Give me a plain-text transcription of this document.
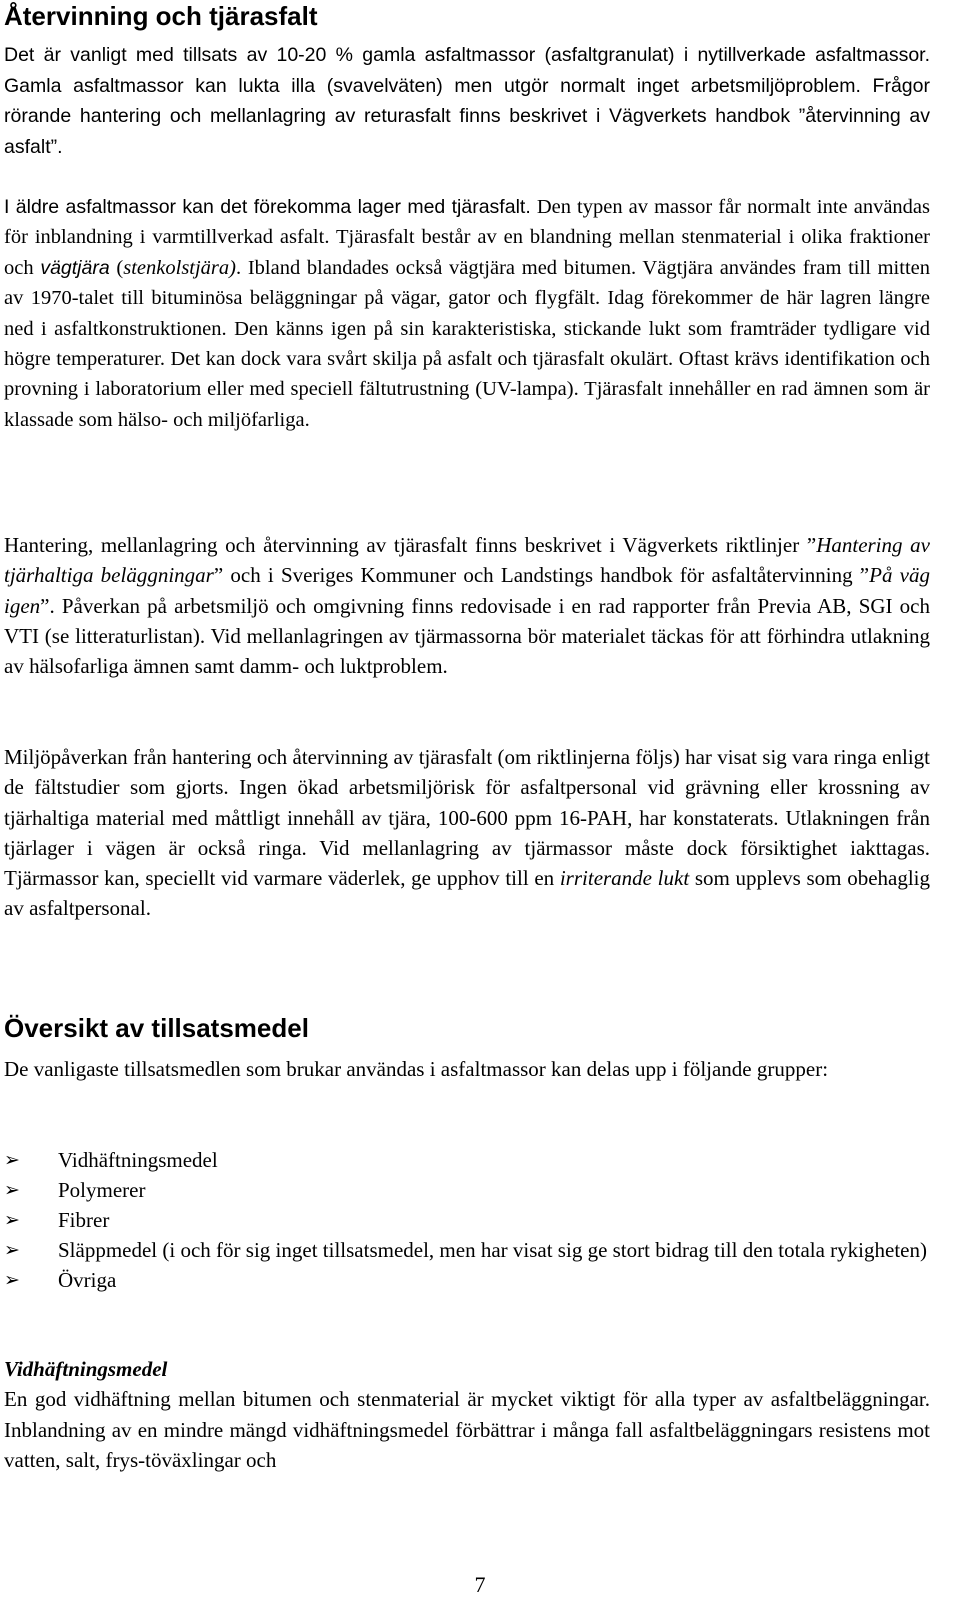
Återvinning och tjärasfalt

Det är vanligt med tillsats av 10-20 % gamla asfaltmassor (asfaltgranulat) i nytillverkade asfaltmassor. Gamla asfaltmassor kan lukta illa (svavelväten) men utgör normalt inget arbetsmiljöproblem. Frågor rörande hantering och mellanlagring av returasfalt finns beskrivet i Vägverkets handbok ”återvinning av asfalt”.

I äldre asfaltmassor kan det förekomma lager med tjärasfalt. Den typen av massor får normalt inte användas för inblandning i varmtillverkad asfalt. Tjärasfalt består av en blandning mellan stenmaterial i olika fraktioner och vägtjära (stenkolstjära). Ibland blandades också vägtjära med bitumen. Vägtjära användes fram till mitten av 1970-talet till bituminösa beläggningar på vägar, gator och flygfält. Idag förekommer de här lagren längre ned i asfaltkonstruktionen. Den känns igen på sin karakteristiska, stickande lukt som framträder tydligare vid högre temperaturer. Det kan dock vara svårt skilja på asfalt och tjärasfalt okulärt. Oftast krävs identifikation och provning i laboratorium eller med speciell fältutrustning (UV-lampa). Tjärasfalt innehåller en rad ämnen som är klassade som hälso- och miljöfarliga.

Hantering, mellanlagring och återvinning av tjärasfalt finns beskrivet i Vägverkets riktlinjer ”Hantering av tjärhaltiga beläggningar” och i Sveriges Kommuner och Landstings handbok för asfaltåtervinning ”På väg igen”. Påverkan på arbetsmiljö och omgivning finns redovisade i en rad rapporter från Previa AB, SGI och VTI (se litteraturlistan). Vid mellanlagringen av tjärmassorna bör materialet täckas för att förhindra utlakning av hälsofarliga ämnen samt damm- och luktproblem.

Miljöpåverkan från hantering och återvinning av tjärasfalt (om riktlinjerna följs) har visat sig vara ringa enligt de fältstudier som gjorts. Ingen ökad arbetsmiljörisk för asfaltpersonal vid grävning eller krossning av tjärhaltiga material med måttligt innehåll av tjära, 100-600 ppm 16-PAH, har konstaterats. Utlakningen från tjärlager i vägen är också ringa. Vid mellanlagring av tjärmassor måste dock försiktighet iakttagas. Tjärmassor kan, speciellt vid varmare väderlek, ge upphov till en irriterande lukt som upplevs som obehaglig av asfaltpersonal.

Översikt av tillsatsmedel

De vanligaste tillsatsmedlen som brukar användas i asfaltmassor kan delas upp i följande grupper:

➢	Vidhäftningsmedel
➢	Polymerer
➢	Fibrer
➢	Släppmedel (i och för sig inget tillsatsmedel, men har visat sig ge stort bidrag till den totala rykigheten)
➢	Övriga
Vidhäftningsmedel

En god vidhäftning mellan bitumen och stenmaterial är mycket viktigt för alla typer av asfaltbeläggningar. Inblandning av en mindre mängd vidhäftningsmedel förbättrar i många fall asfaltbeläggningars resistens mot vatten, salt, frys-töväxlingar och

7
